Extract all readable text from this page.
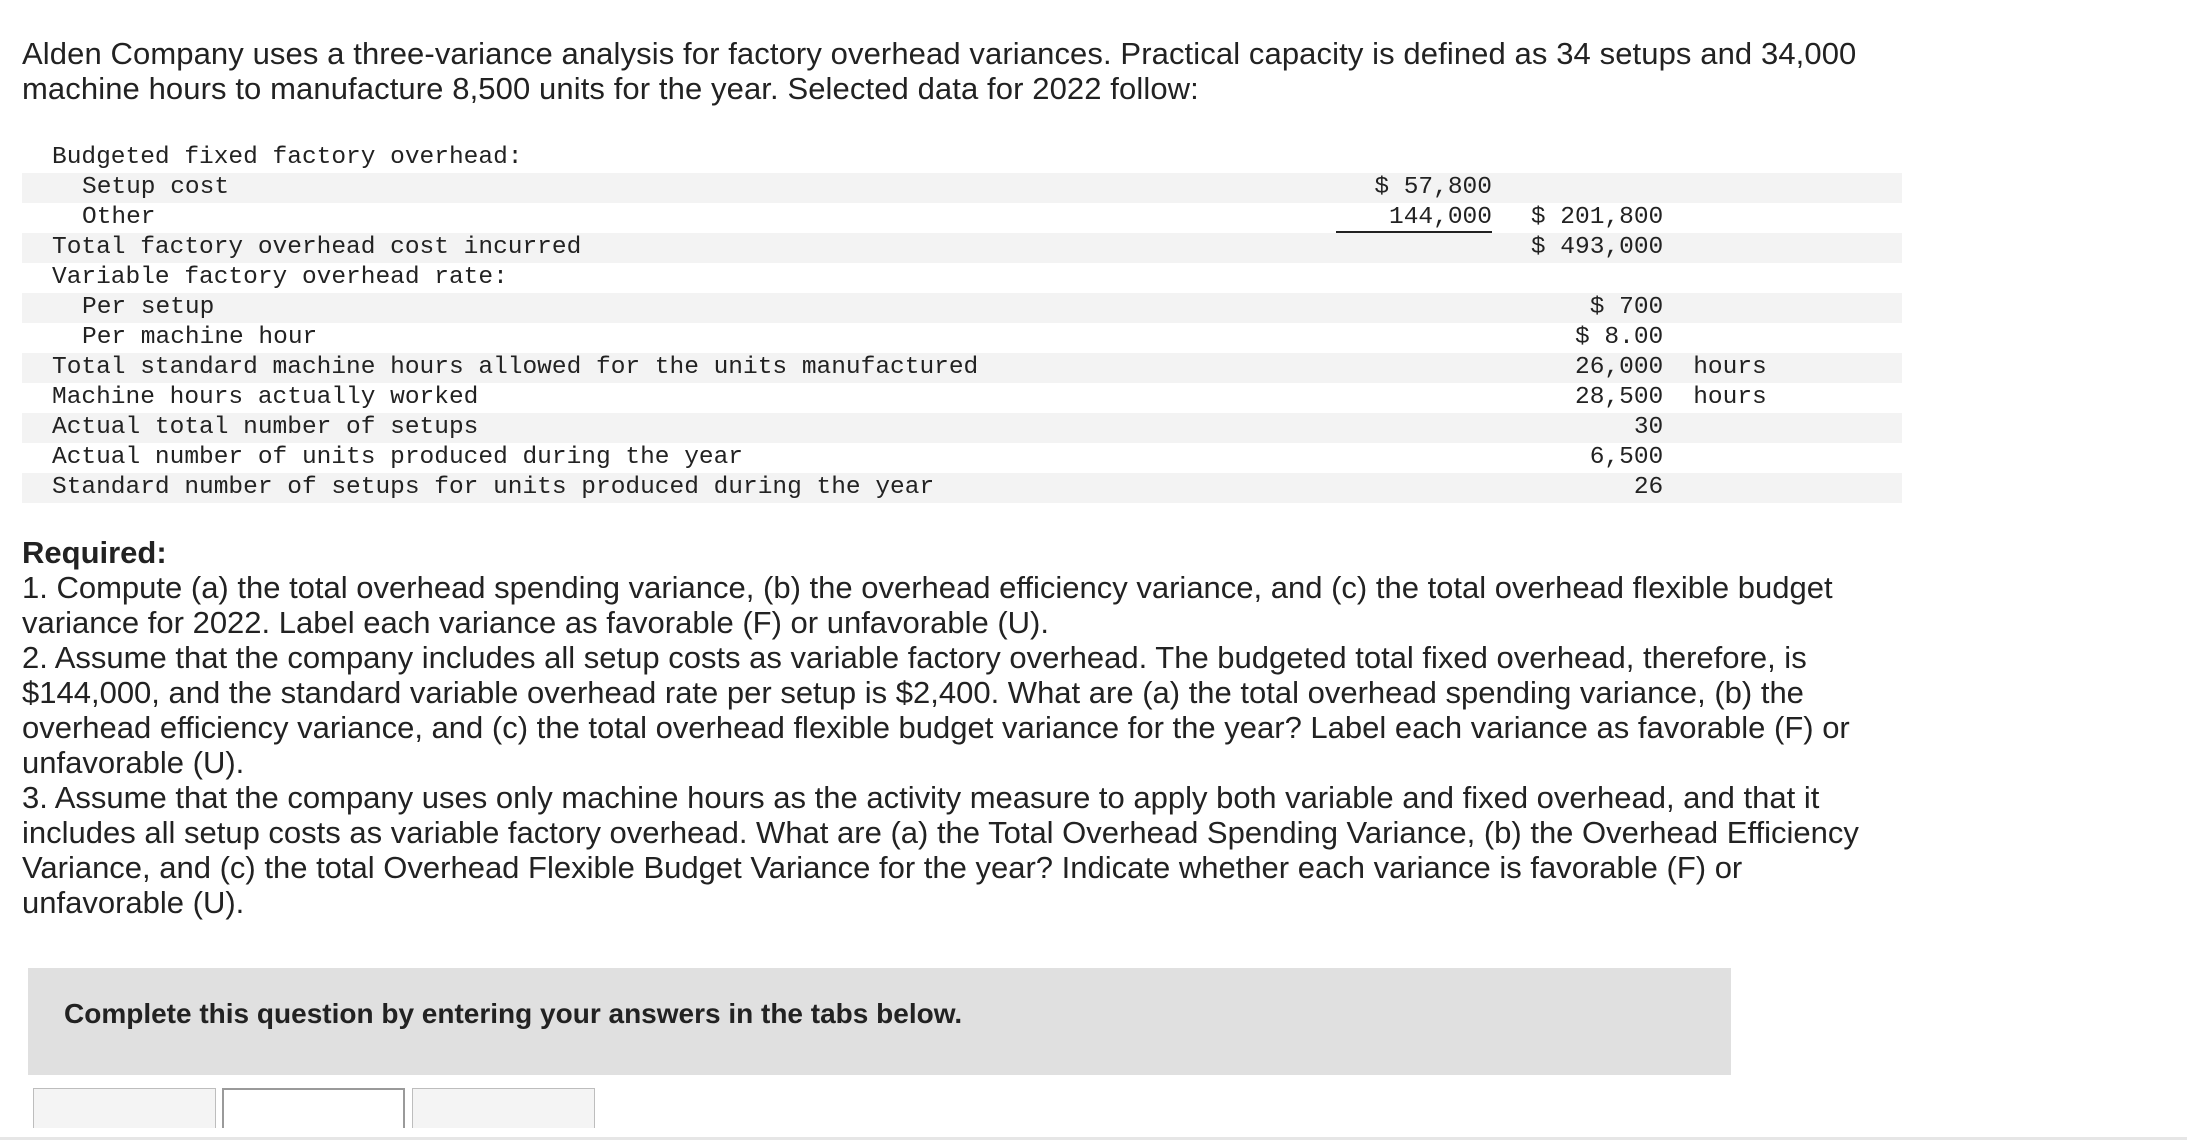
Alden Company uses a three-variance analysis for factory overhead variances. Practical capacity is defined as 34 setups and 34,000 machine hours to manufacture 8,500 units for the year. Selected data for 2022 follow:

Budgeted fixed factory overhead:				
Setup cost	$ 57,800			
Other	144,000		$ 201,800	
Total factory overhead cost incurred			$ 493,000	
Variable factory overhead rate:				
Per setup			$ 700	
Per machine hour			$ 8.00	
Total standard machine hours allowed for the units manufactured			26,000	hours
Machine hours actually worked			28,500	hours
Actual total number of setups			30	
Actual number of units produced during the year			6,500	
Standard number of setups for units produced during the year			26	

Required:

1. Compute (a) the total overhead spending variance, (b) the overhead efficiency variance, and (c) the total overhead flexible budget variance for 2022. Label each variance as favorable (F) or unfavorable (U).

2. Assume that the company includes all setup costs as variable factory overhead. The budgeted total fixed overhead, therefore, is $144,000, and the standard variable overhead rate per setup is $2,400. What are (a) the total overhead spending variance, (b) the overhead efficiency variance, and (c) the total overhead flexible budget variance for the year? Label each variance as favorable (F) or unfavorable (U).

3. Assume that the company uses only machine hours as the activity measure to apply both variable and fixed overhead, and that it includes all setup costs as variable factory overhead. What are (a) the Total Overhead Spending Variance, (b) the Overhead Efficiency Variance, and (c) the total Overhead Flexible Budget Variance for the year? Indicate whether each variance is favorable (F) or unfavorable (U).

Complete this question by entering your answers in the tabs below.
